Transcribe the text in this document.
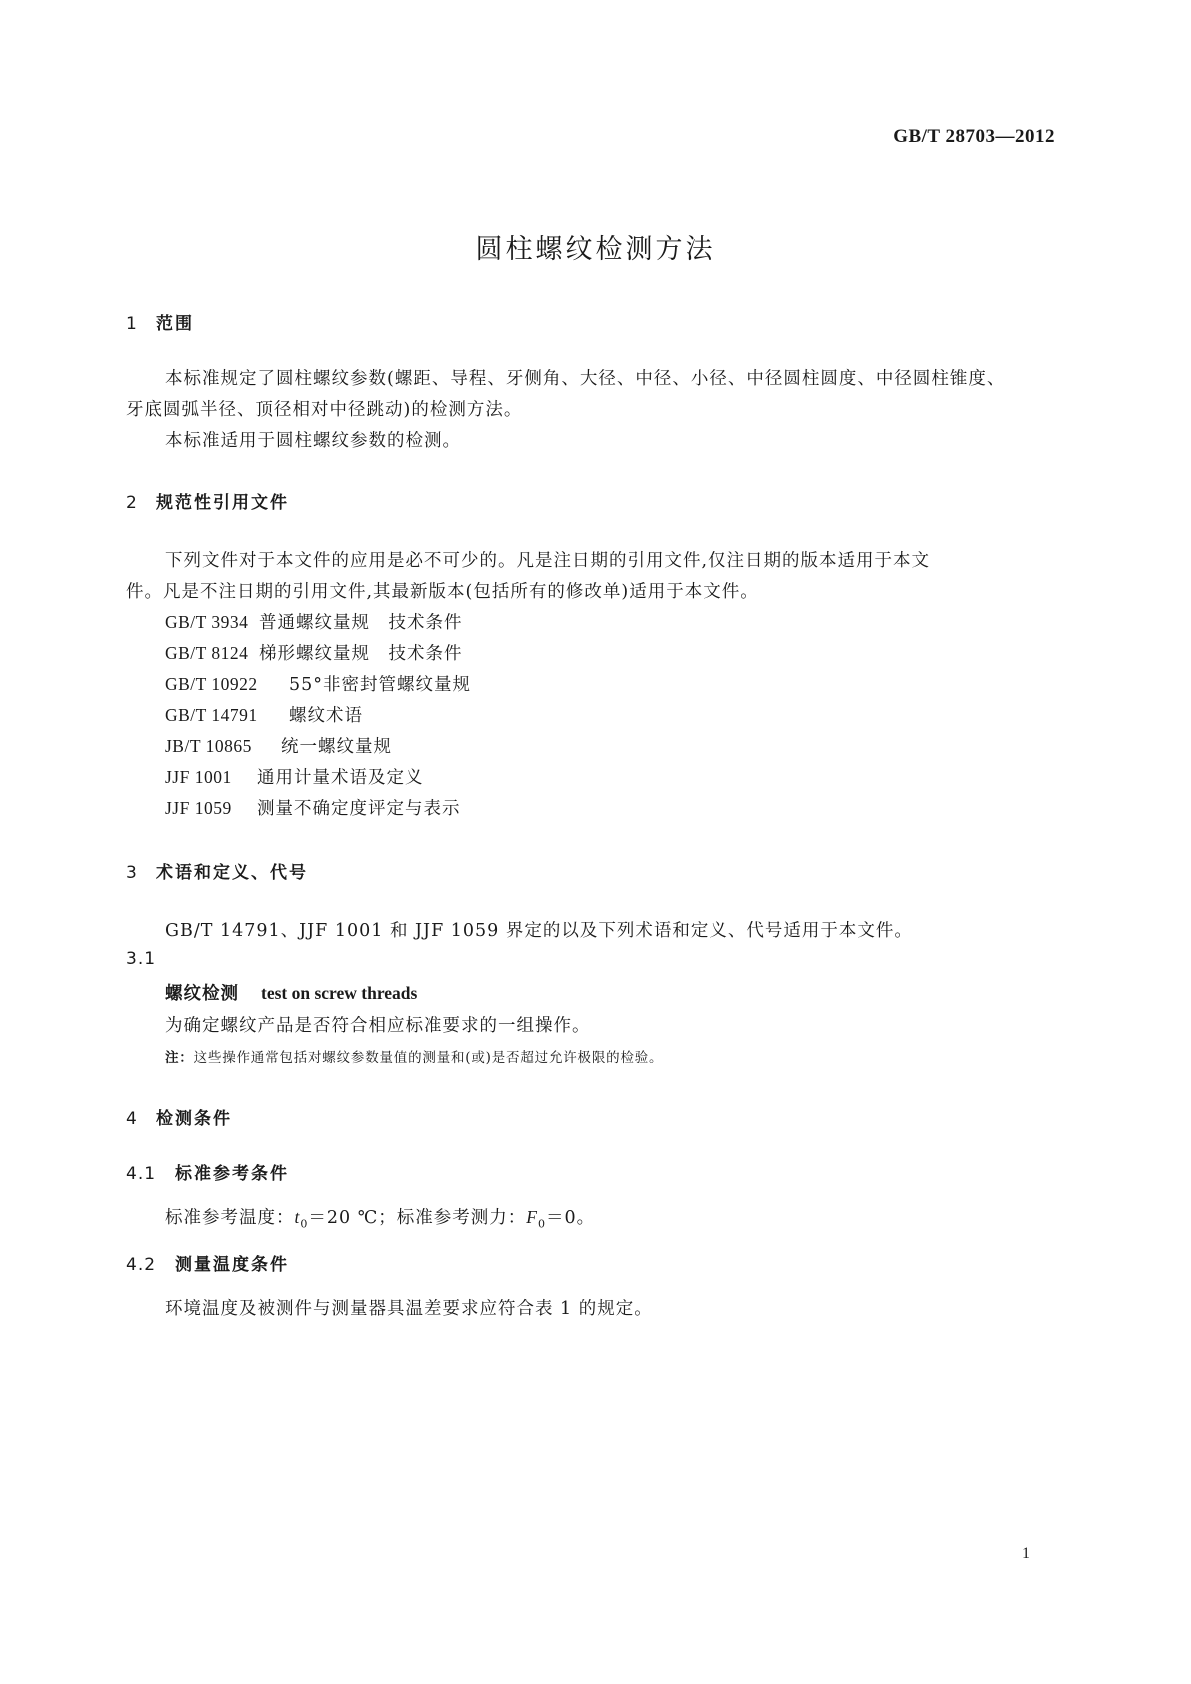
GB/T 28703—2012
圆柱螺纹检测方法
1 范围
本标准规定了圆柱螺纹参数(螺距、导程、牙侧角、大径、中径、小径、中径圆柱圆度、中径圆柱锥度、
牙底圆弧半径、顶径相对中径跳动)的检测方法。
本标准适用于圆柱螺纹参数的检测。
2 规范性引用文件
下列文件对于本文件的应用是必不可少的。凡是注日期的引用文件,仅注日期的版本适用于本文
件。凡是不注日期的引用文件,其最新版本(包括所有的修改单)适用于本文件。
GB/T 3934 普通螺纹量规　技术条件
GB/T 8124 梯形螺纹量规　技术条件
GB/T 10922 55°非密封管螺纹量规
GB/T 14791 螺纹术语
JB/T 10865 统一螺纹量规
JJF 1001 通用计量术语及定义
JJF 1059 测量不确定度评定与表示
3 术语和定义、代号
GB/T 14791、JJF 1001 和 JJF 1059 界定的以及下列术语和定义、代号适用于本文件。
3.1
螺纹检测 test on screw threads
为确定螺纹产品是否符合相应标准要求的一组操作。
注：这些操作通常包括对螺纹参数量值的测量和(或)是否超过允许极限的检验。
4 检测条件
4.1 标准参考条件
标准参考温度：$t_0=20$ ℃；标准参考测力：$F_0=0$。
4.2 测量温度条件
环境温度及被测件与测量器具温差要求应符合表 1 的规定。
1
